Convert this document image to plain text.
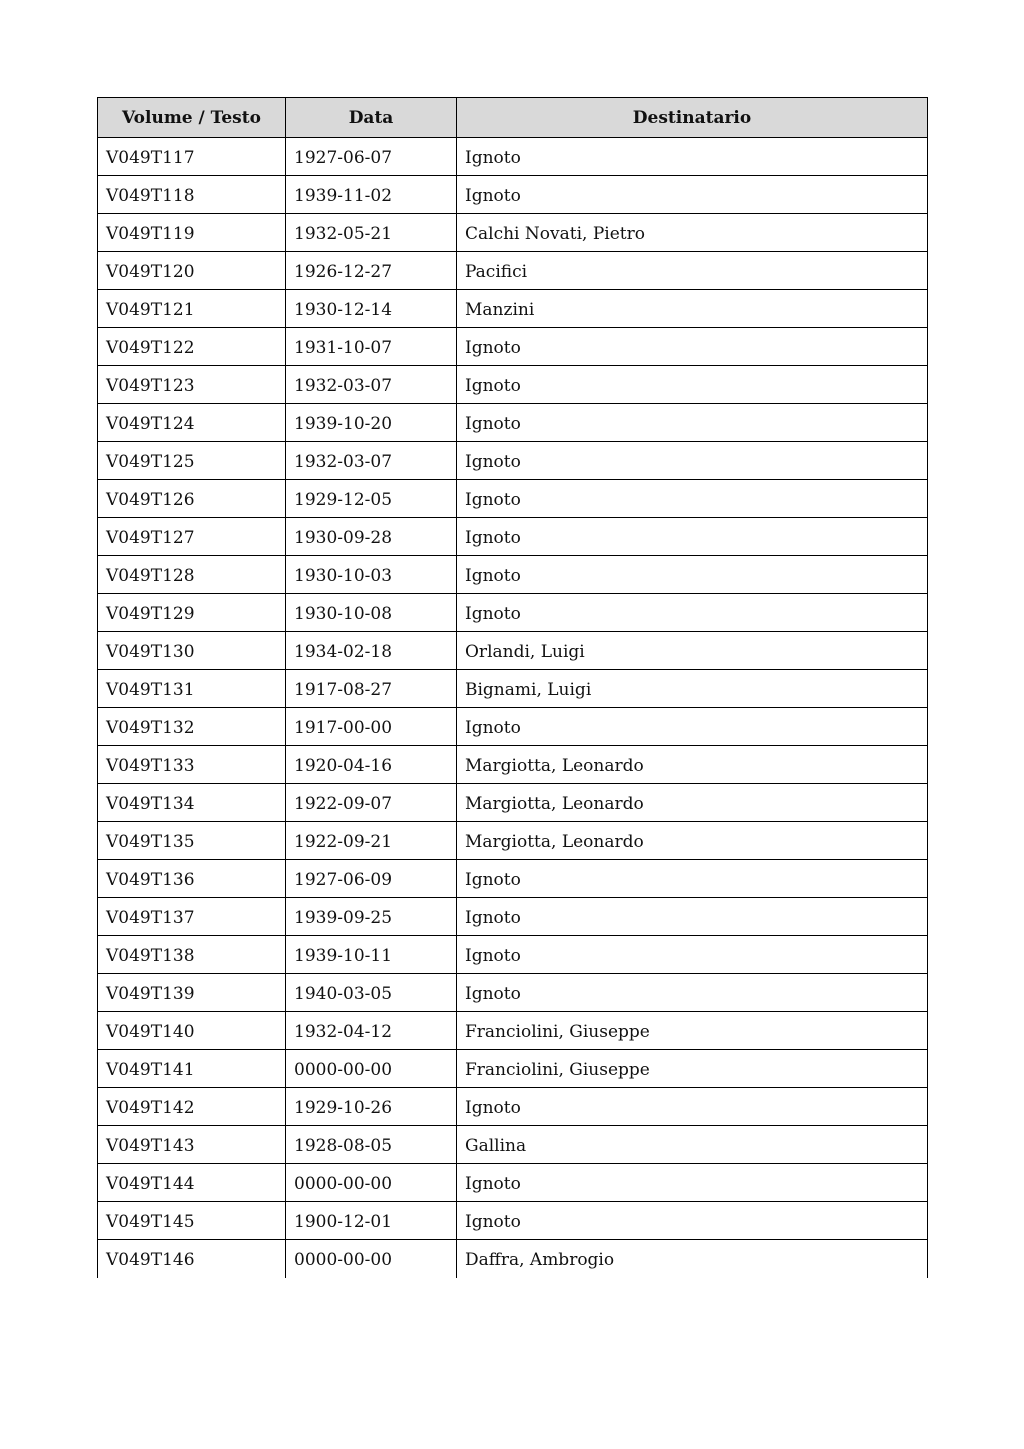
Volume / Testo	Data	Destinatario
V049T117	1927-06-07	Ignoto
V049T118	1939-11-02	Ignoto
V049T119	1932-05-21	Calchi Novati, Pietro
V049T120	1926-12-27	Pacifici
V049T121	1930-12-14	Manzini
V049T122	1931-10-07	Ignoto
V049T123	1932-03-07	Ignoto
V049T124	1939-10-20	Ignoto
V049T125	1932-03-07	Ignoto
V049T126	1929-12-05	Ignoto
V049T127	1930-09-28	Ignoto
V049T128	1930-10-03	Ignoto
V049T129	1930-10-08	Ignoto
V049T130	1934-02-18	Orlandi, Luigi
V049T131	1917-08-27	Bignami, Luigi
V049T132	1917-00-00	Ignoto
V049T133	1920-04-16	Margiotta, Leonardo
V049T134	1922-09-07	Margiotta, Leonardo
V049T135	1922-09-21	Margiotta, Leonardo
V049T136	1927-06-09	Ignoto
V049T137	1939-09-25	Ignoto
V049T138	1939-10-11	Ignoto
V049T139	1940-03-05	Ignoto
V049T140	1932-04-12	Franciolini, Giuseppe
V049T141	0000-00-00	Franciolini, Giuseppe
V049T142	1929-10-26	Ignoto
V049T143	1928-08-05	Gallina
V049T144	0000-00-00	Ignoto
V049T145	1900-12-01	Ignoto
V049T146	0000-00-00	Daffra, Ambrogio
